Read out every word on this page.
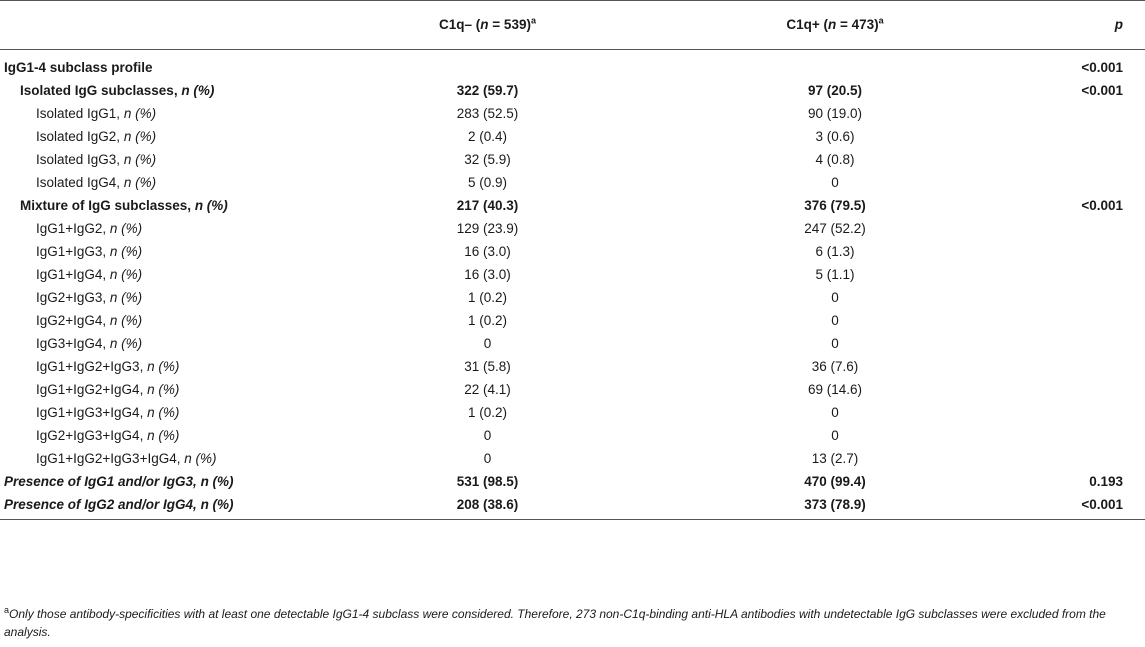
	C1q– (n = 539)$^a$	C1q+ (n = 473)$^a$	p
IgG1-4 subclass profile			<0.001
Isolated IgG subclasses, n (%)	322 (59.7)	97 (20.5)	<0.001
Isolated IgG1, n (%)	283 (52.5)	90 (19.0)	
Isolated IgG2, n (%)	2 (0.4)	3 (0.6)	
Isolated IgG3, n (%)	32 (5.9)	4 (0.8)	
Isolated IgG4, n (%)	5 (0.9)	0	
Mixture of IgG subclasses, n (%)	217 (40.3)	376 (79.5)	<0.001
IgG1+IgG2, n (%)	129 (23.9)	247 (52.2)	
IgG1+IgG3, n (%)	16 (3.0)	6 (1.3)	
IgG1+IgG4, n (%)	16 (3.0)	5 (1.1)	
IgG2+IgG3, n (%)	1 (0.2)	0	
IgG2+IgG4, n (%)	1 (0.2)	0	
IgG3+IgG4, n (%)	0	0	
IgG1+IgG2+IgG3, n (%)	31 (5.8)	36 (7.6)	
IgG1+IgG2+IgG4, n (%)	22 (4.1)	69 (14.6)	
IgG1+IgG3+IgG4, n (%)	1 (0.2)	0	
IgG2+IgG3+IgG4, n (%)	0	0	
IgG1+IgG2+IgG3+IgG4, n (%)	0	13 (2.7)	
Presence of IgG1 and/or IgG3, n (%)	531 (98.5)	470 (99.4)	0.193
Presence of IgG2 and/or IgG4, n (%)	208 (38.6)	373 (78.9)	<0.001
$^a$Only those antibody-specificities with at least one detectable IgG1-4 subclass were considered. Therefore, 273 non-C1q-binding anti-HLA antibodies with undetectable IgG subclasses were excluded from the analysis.
